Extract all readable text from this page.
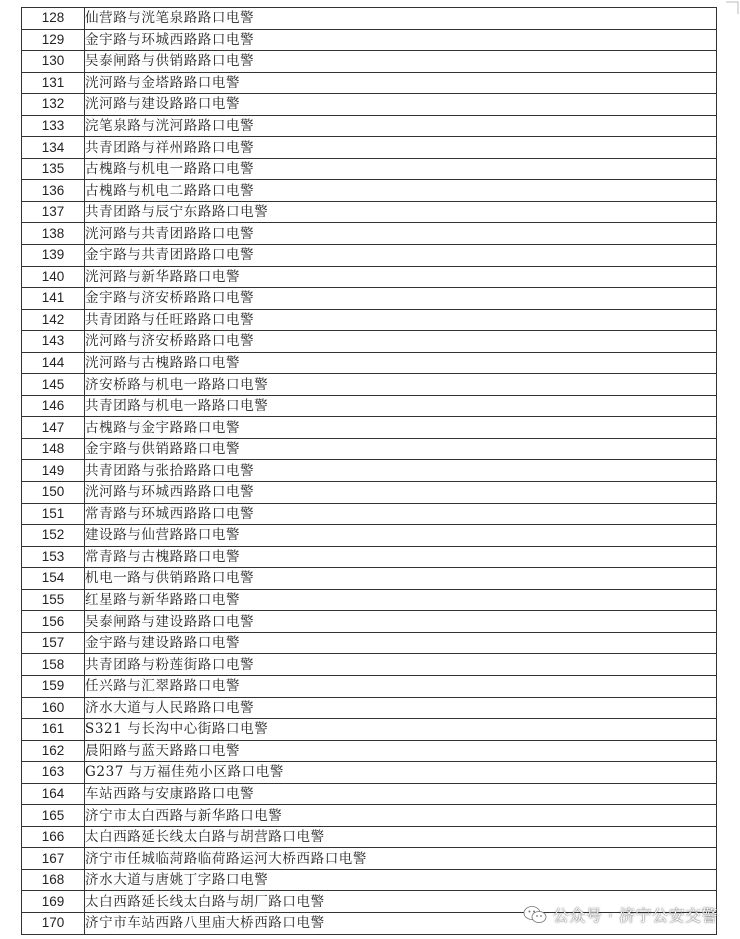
128	仙营路与洸笔泉路路口电警
129	金宇路与环城西路路口电警
130	吴泰闸路与供销路路口电警
131	洸河路与金塔路路口电警
132	洸河路与建设路路口电警
133	浣笔泉路与洸河路路口电警
134	共青团路与祥州路路口电警
135	古槐路与机电一路路口电警
136	古槐路与机电二路路口电警
137	共青团路与辰宁东路路口电警
138	洸河路与共青团路路口电警
139	金宇路与共青团路路口电警
140	洸河路与新华路路口电警
141	金宇路与济安桥路路口电警
142	共青团路与任旺路路口电警
143	洸河路与济安桥路路口电警
144	洸河路与古槐路路口电警
145	济安桥路与机电一路路口电警
146	共青团路与机电一路路口电警
147	古槐路与金宇路路口电警
148	金宇路与供销路路口电警
149	共青团路与张拾路路口电警
150	洸河路与环城西路路口电警
151	常青路与环城西路路口电警
152	建设路与仙营路路口电警
153	常青路与古槐路路口电警
154	机电一路与供销路路口电警
155	红星路与新华路路口电警
156	吴泰闸路与建设路路口电警
157	金宇路与建设路路口电警
158	共青团路与粉莲街路口电警
159	任兴路与汇翠路路口电警
160	济水大道与人民路路口电警
161	S321 与长沟中心街路口电警
162	晨阳路与蓝天路路口电警
163	G237 与万福佳苑小区路口电警
164	车站西路与安康路路口电警
165	济宁市太白西路与新华路口电警
166	太白西路延长线太白路与胡营路口电警
167	济宁市任城临菏路临荷路运河大桥西路口电警
168	济水大道与唐姚丁字路口电警
169	太白西路延长线太白路与胡厂路口电警
170	济宁市车站西路八里庙大桥西路口电警	公众号 · 济宁公安交警
